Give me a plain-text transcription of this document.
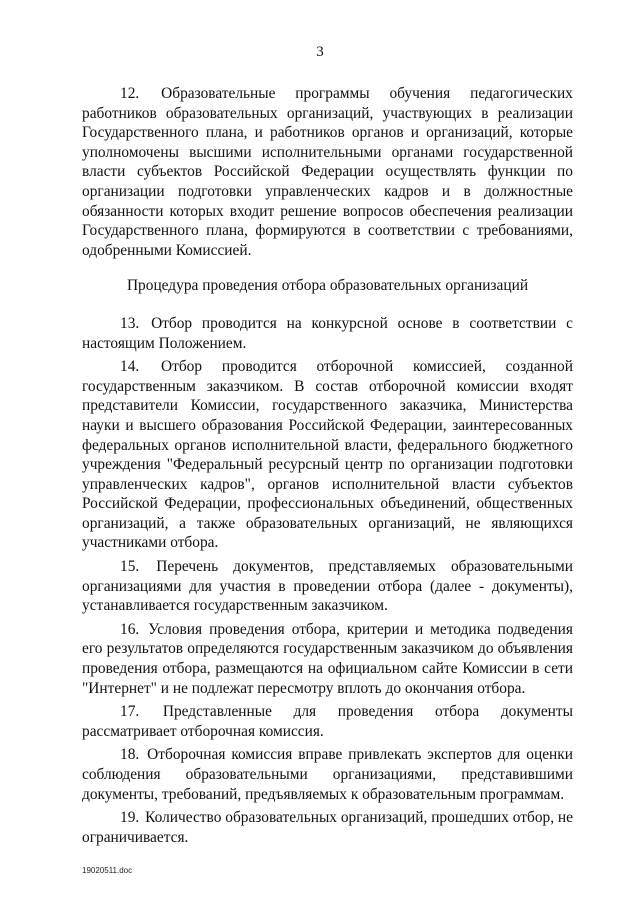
3

12. Образовательные программы обучения педагогических работников образовательных организаций, участвующих в реализации Государственного плана, и работников органов и организаций, которые уполномочены высшими исполнительными органами государственной власти субъектов Российской Федерации осуществлять функции по организации подготовки управленческих кадров и в должностные обязанности которых входит решение вопросов обеспечения реализации Государственного плана, формируются в соответствии с требованиями, одобренными Комиссией.

Процедура проведения отбора образовательных организаций

13. Отбор проводится на конкурсной основе в соответствии с настоящим Положением.

14. Отбор проводится отборочной комиссией, созданной государственным заказчиком. В состав отборочной комиссии входят представители Комиссии, государственного заказчика, Министерства науки и высшего образования Российской Федерации, заинтересованных федеральных органов исполнительной власти, федерального бюджетного учреждения "Федеральный ресурсный центр по организации подготовки управленческих кадров", органов исполнительной власти субъектов Российской Федерации, профессиональных объединений, общественных организаций, а также образовательных организаций, не являющихся участниками отбора.

15. Перечень документов, представляемых образовательными организациями для участия в проведении отбора (далее - документы), устанавливается государственным заказчиком.

16. Условия проведения отбора, критерии и методика подведения его результатов определяются государственным заказчиком до объявления проведения отбора, размещаются на официальном сайте Комиссии в сети "Интернет" и не подлежат пересмотру вплоть до окончания отбора.

17. Представленные для проведения отбора документы рассматривает отборочная комиссия.

18. Отборочная комиссия вправе привлекать экспертов для оценки соблюдения образовательными организациями, представившими документы, требований, предъявляемых к образовательным программам.

19. Количество образовательных организаций, прошедших отбор, не ограничивается.

19020511.doc
